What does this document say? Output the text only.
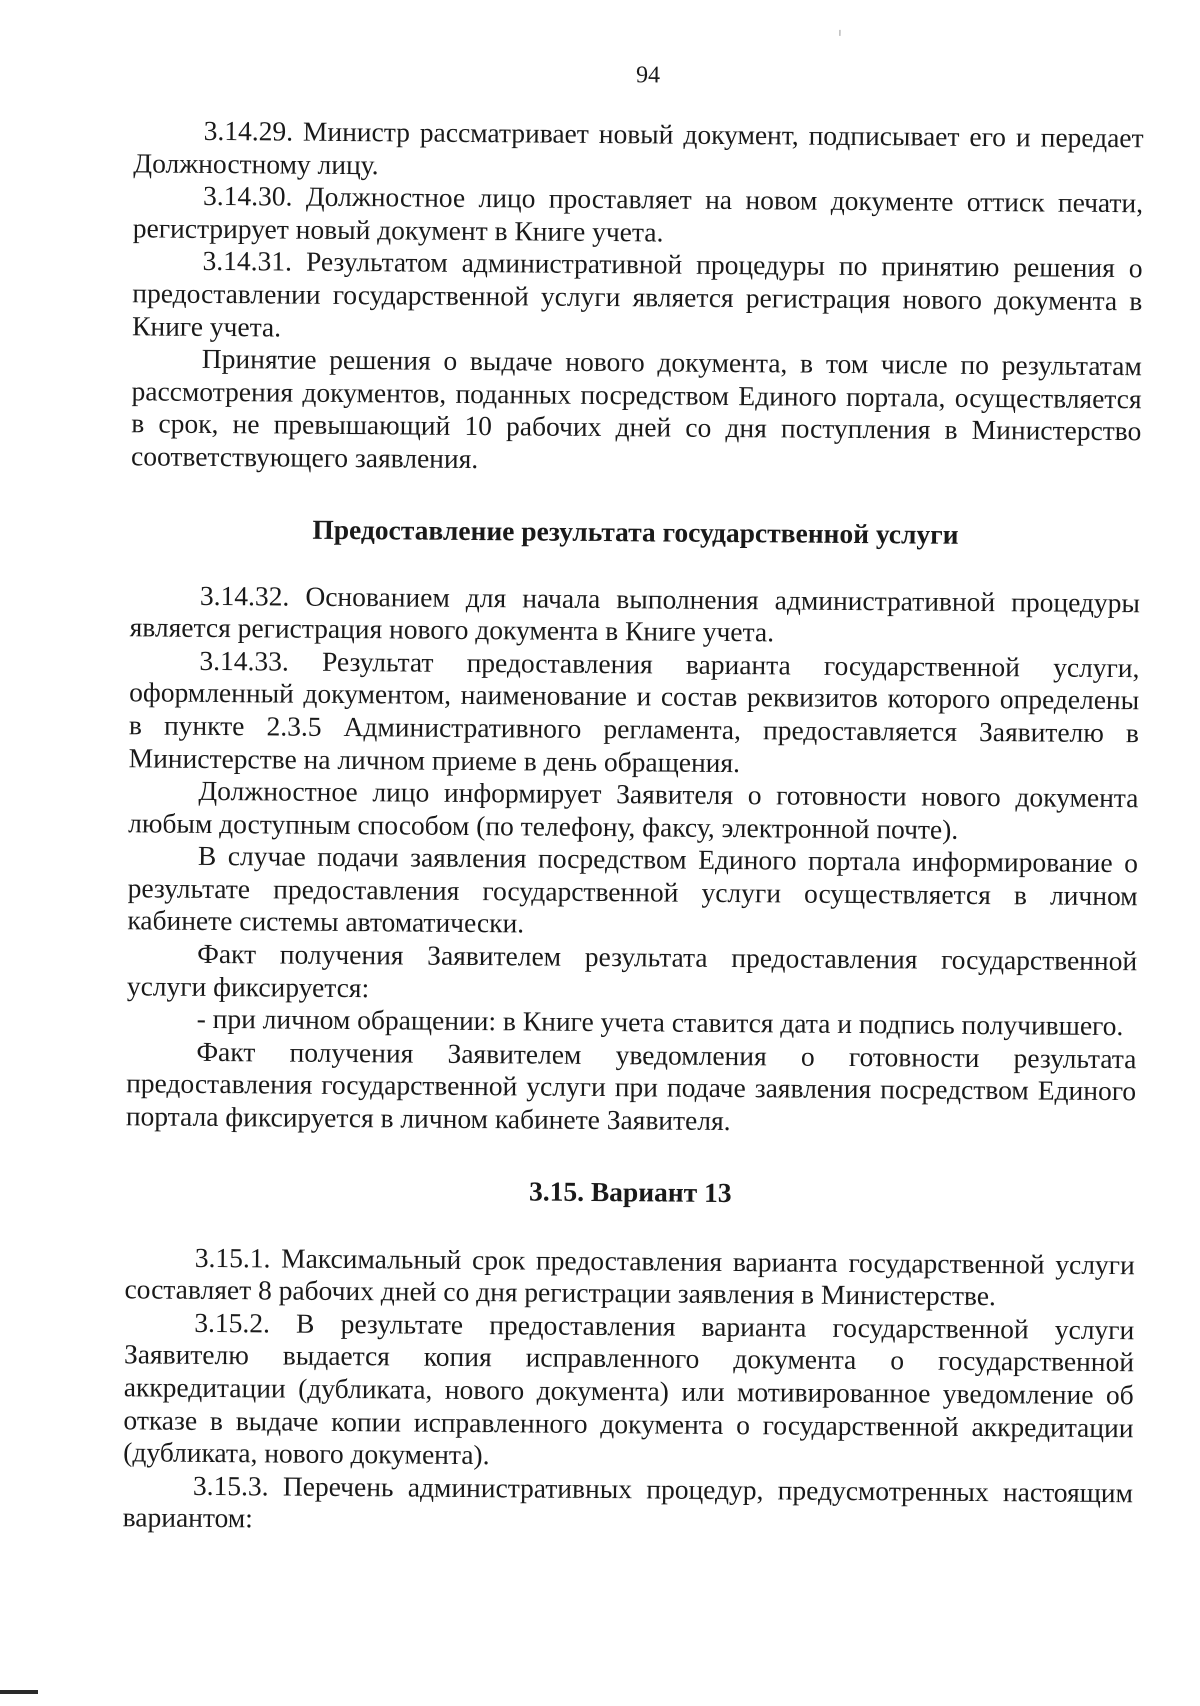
94

3.14.29. Министр рассматривает новый документ, подписывает его и передает Должностному лицу.

3.14.30. Должностное лицо проставляет на новом документе оттиск печати, регистрирует новый документ в Книге учета.

3.14.31. Результатом административной процедуры по принятию решения о предоставлении государственной услуги является регистрация нового документа в Книге учета.

Принятие решения о выдаче нового документа, в том числе по результатам рассмотрения документов, поданных посредством Единого портала, осуществляется в срок, не превышающий 10 рабочих дней со дня поступления в Министерство соответствующего заявления.

Предоставление результата государственной услуги

3.14.32. Основанием для начала выполнения административной процедуры является регистрация нового документа в Книге учета.

3.14.33. Результат предоставления варианта государственной услуги, оформленный документом, наименование и состав реквизитов которого определены в пункте 2.3.5 Административного регламента, предоставляется Заявителю в Министерстве на личном приеме в день обращения.

Должностное лицо информирует Заявителя о готовности нового документа любым доступным способом (по телефону, факсу, электронной почте).

В случае подачи заявления посредством Единого портала информирование о результате предоставления государственной услуги осуществляется в личном кабинете системы автоматически.

Факт получения Заявителем результата предоставления государственной услуги фиксируется:

- при личном обращении: в Книге учета ставится дата и подпись получившего.

Факт получения Заявителем уведомления о готовности результата предоставления государственной услуги при подаче заявления посредством Единого портала фиксируется в личном кабинете Заявителя.

3.15. Вариант 13

3.15.1. Максимальный срок предоставления варианта государственной услуги составляет 8 рабочих дней со дня регистрации заявления в Министерстве.

3.15.2. В результате предоставления варианта государственной услуги Заявителю выдается копия исправленного документа о государственной аккредитации (дубликата, нового документа) или мотивированное уведомление об отказе в выдаче копии исправленного документа о государственной аккредитации (дубликата, нового документа).

3.15.3. Перечень административных процедур, предусмотренных настоящим вариантом:
